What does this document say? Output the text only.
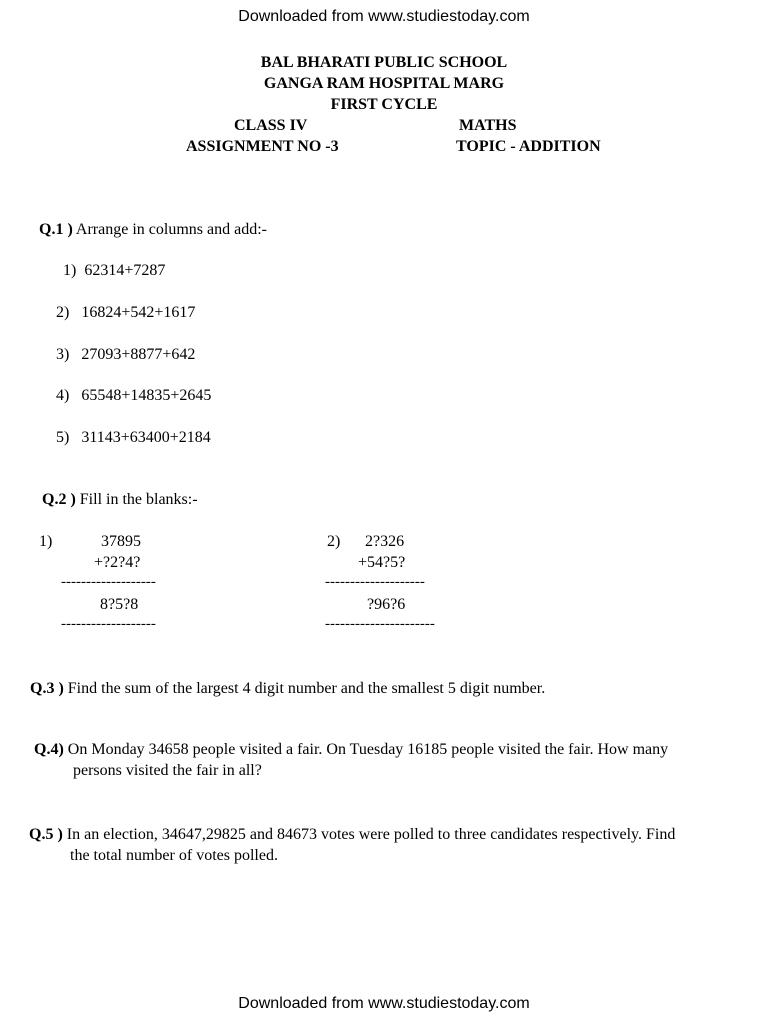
Downloaded from www.studiestoday.com
BAL BHARATI PUBLIC SCHOOL
GANGA RAM HOSPITAL MARG
FIRST CYCLE
CLASS IV	MATHS
ASSIGNMENT NO -3	TOPIC - ADDITION
Q.1 ) Arrange in columns and add:-
1) 62314+7287
2) 16824+542+1617
3) 27093+8877+642
4) 65548+14835+2645
5) 31143+63400+2184
Q.2 ) Fill in the blanks:-
1)	37895
+?2?4?
-------------------
8?5?8
-------------------
2) 2?326
+54?5?
--------------------
?96?6
----------------------
Q.3 ) Find the sum of the largest 4 digit number and the smallest 5 digit number.
Q.4) On Monday 34658 people visited a fair. On Tuesday 16185 people visited the fair. How many
persons visited the fair in all?
Q.5 ) In an election, 34647,29825 and 84673 votes were polled to three candidates respectively. Find
the total number of votes polled.
Downloaded from www.studiestoday.com
